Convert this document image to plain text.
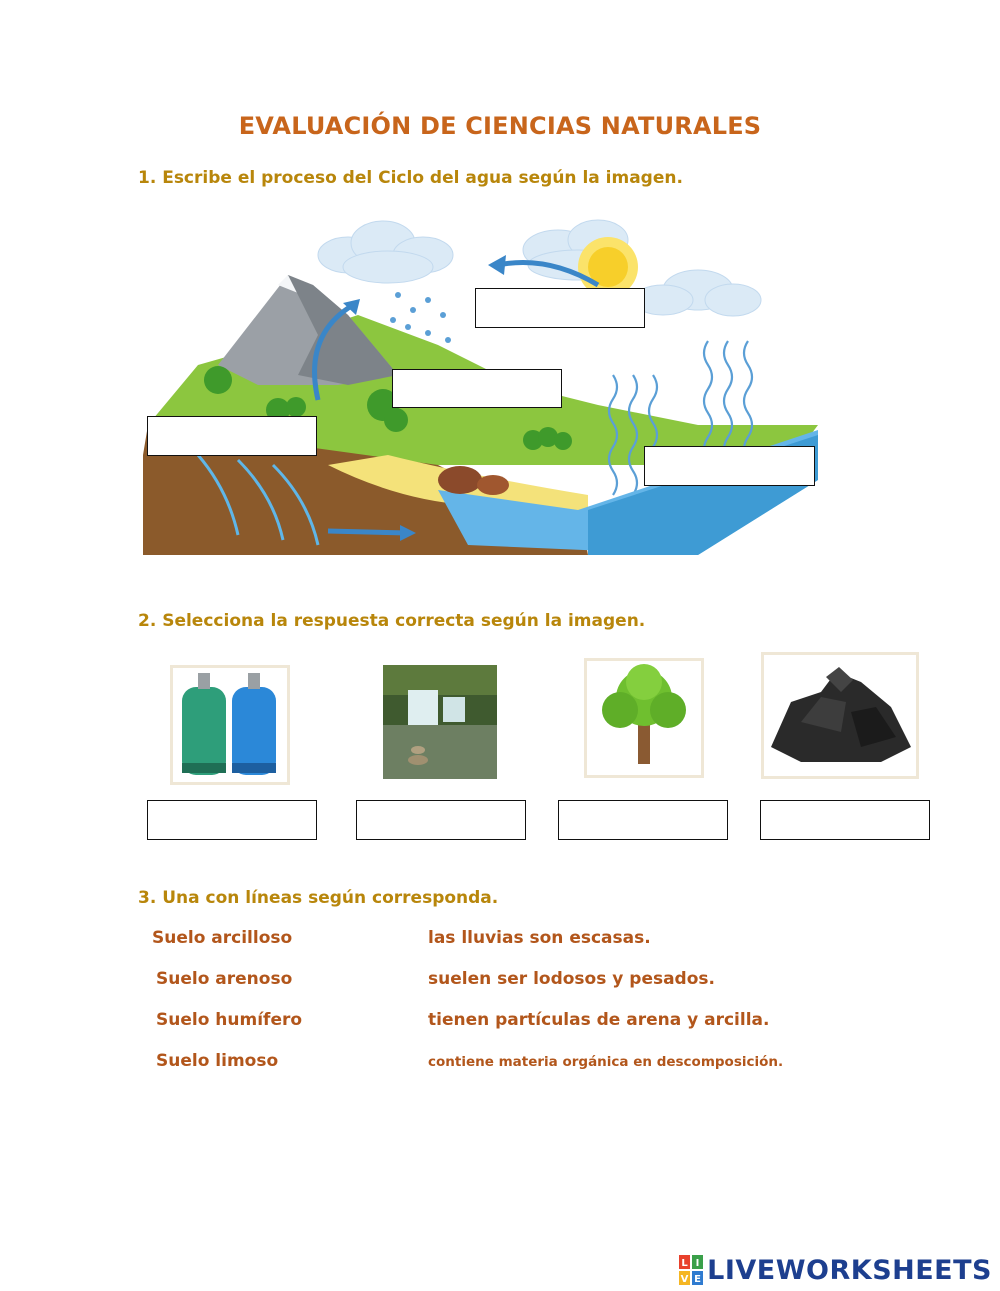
EVALUACIÓN DE CIENCIAS NATURALES
1. Escribe el proceso del Ciclo del agua según la imagen.
2. Selecciona la respuesta correcta según la imagen.
3. Una con líneas según corresponda.
Suelo arcilloso
Suelo arenoso
Suelo humífero
Suelo limoso
las lluvias son escasas.
suelen ser lodosos y pesados.
tienen partículas de arena y arcilla.
contiene materia orgánica en descomposición.
L I
V E LIVEWORKSHEETS
